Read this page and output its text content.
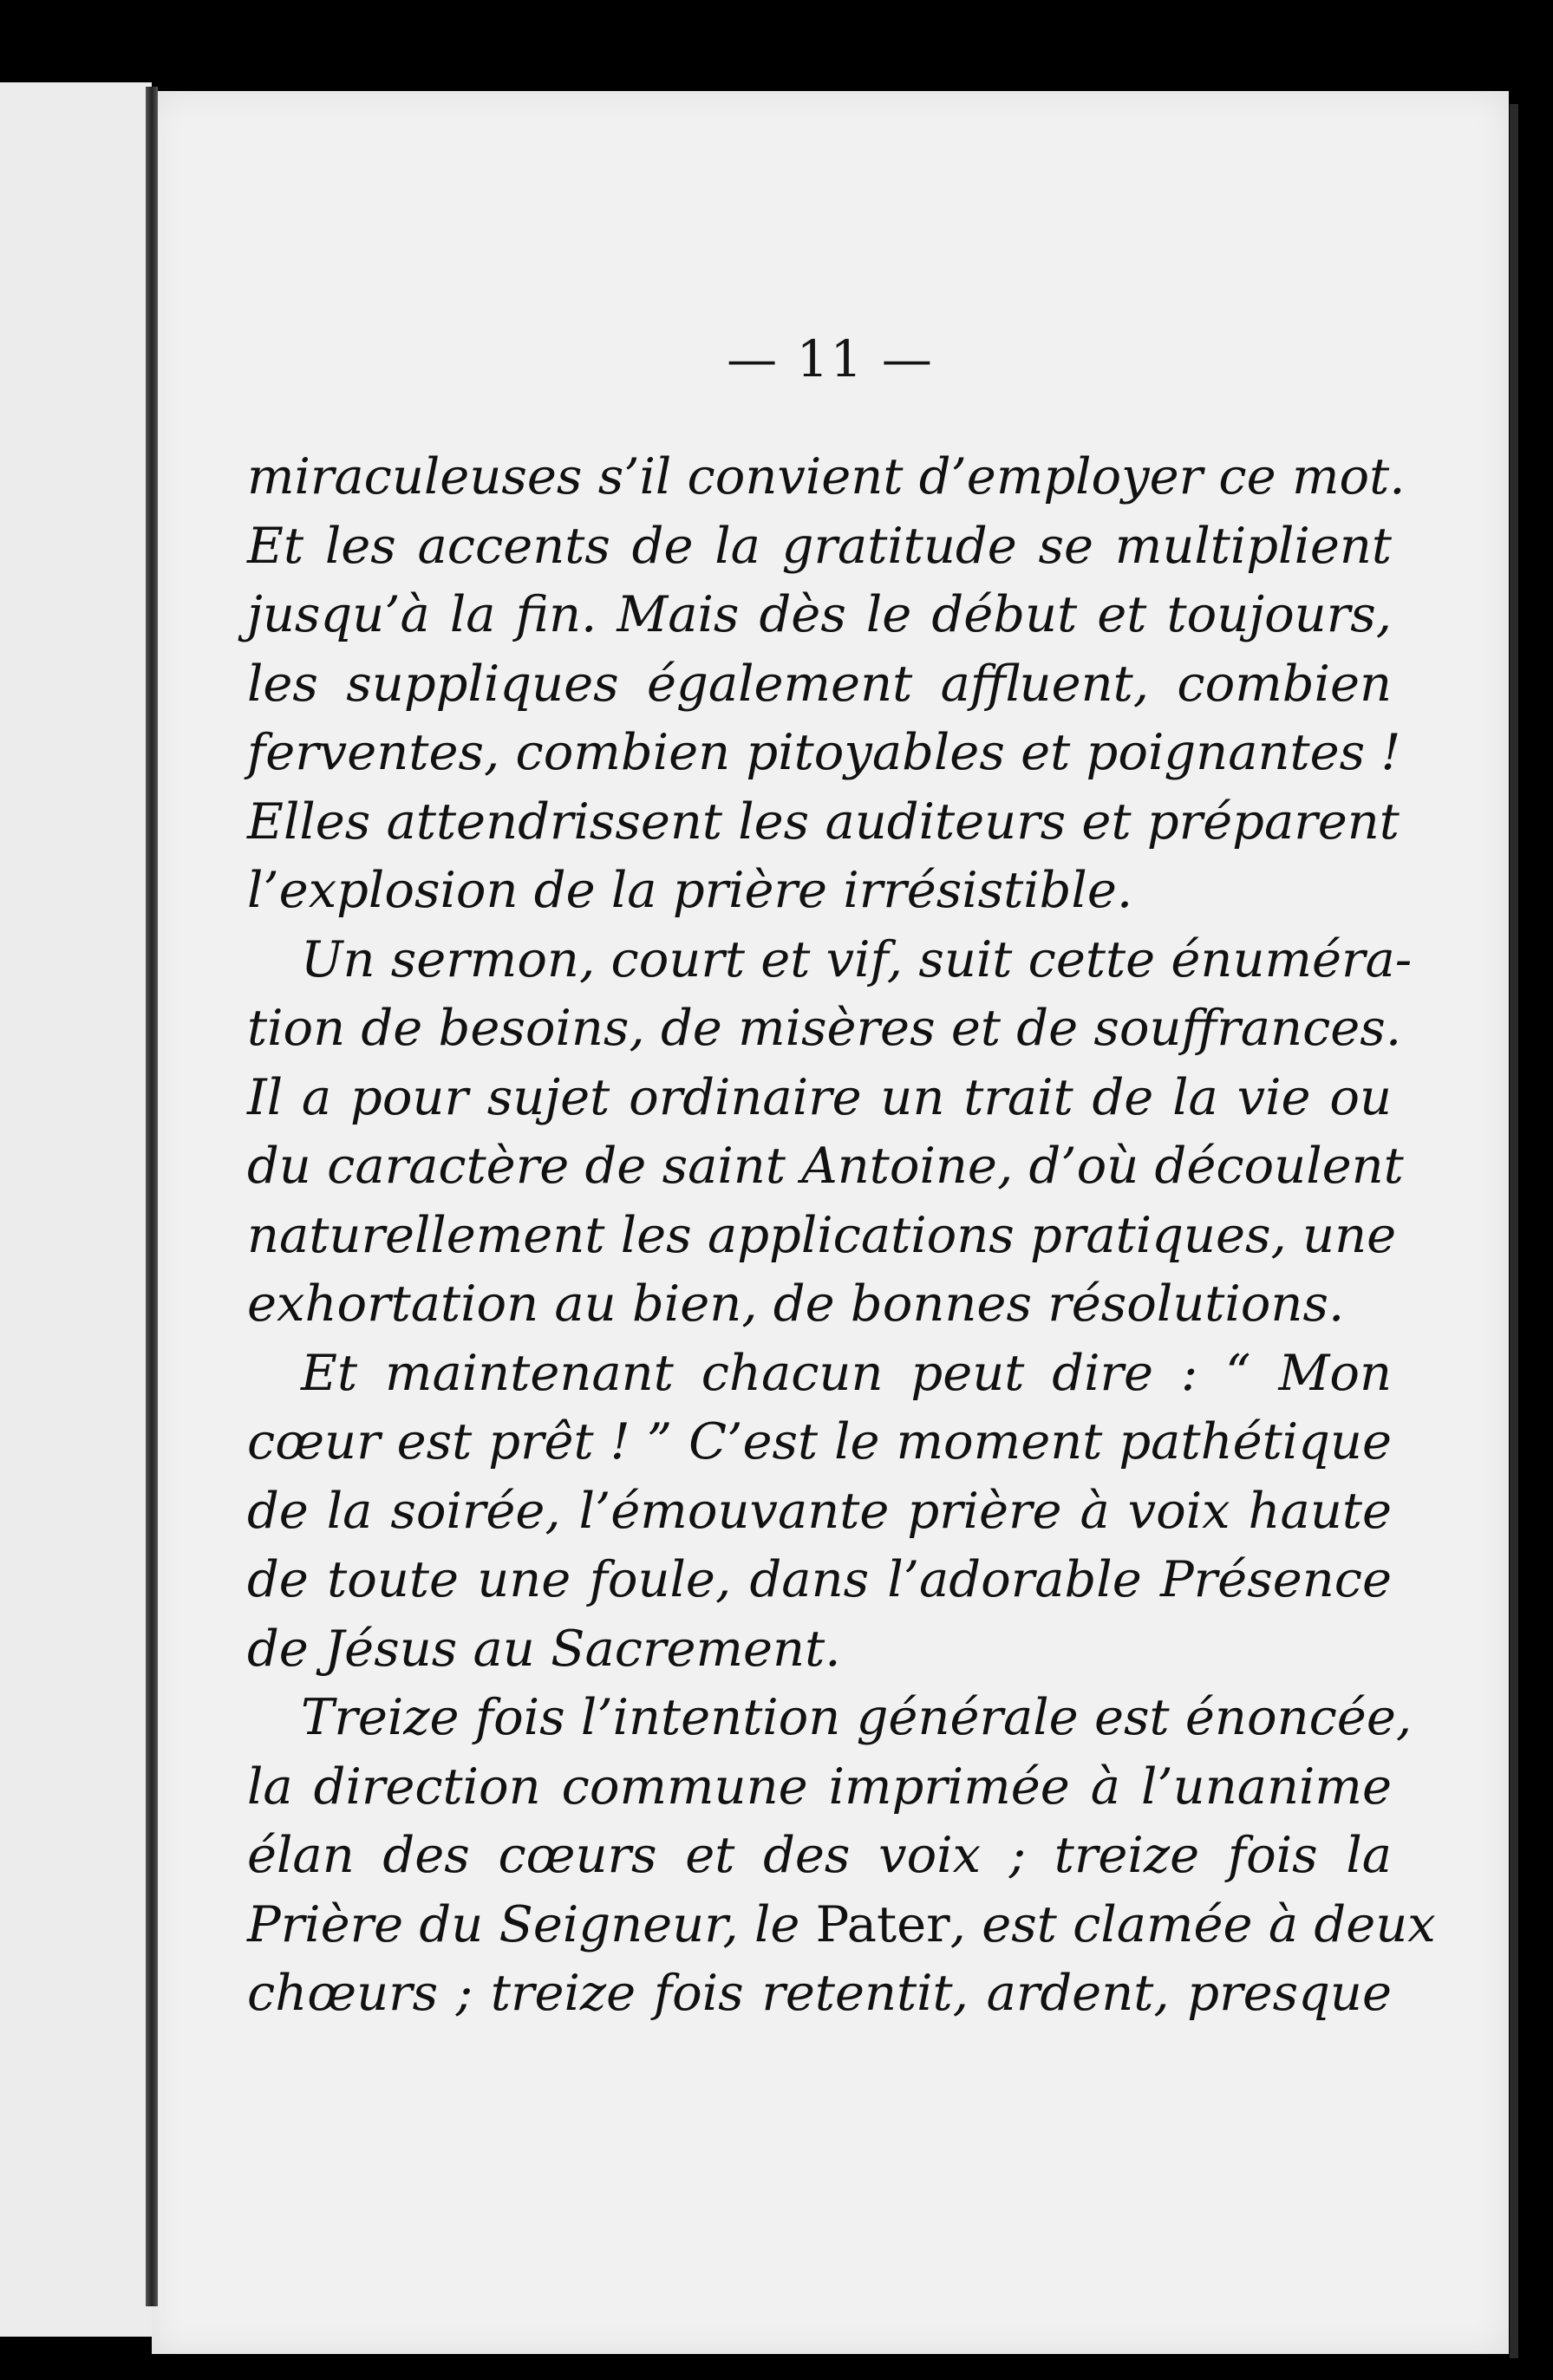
— 11 —
miraculeuses s’il convient d’employer ce mot.
Et les accents de la gratitude se multiplient
jusqu’à la fin. Mais dès le début et toujours,
les suppliques également affluent, combien
ferventes, combien pitoyables et poignantes !
Elles attendrissent les auditeurs et préparent
l’explosion de la prière irrésistible.
Un sermon, court et vif, suit cette énuméra-
tion de besoins, de misères et de souffrances.
Il a pour sujet ordinaire un trait de la vie ou
du caractère de saint Antoine, d’où découlent
naturellement les applications pratiques, une
exhortation au bien, de bonnes résolutions.
Et maintenant chacun peut dire : “ Mon
cœur est prêt ! ” C’est le moment pathétique
de la soirée, l’émouvante prière à voix haute
de toute une foule, dans l’adorable Présence
de Jésus au Sacrement.
Treize fois l’intention générale est énoncée,
la direction commune imprimée à l’unanime
élan des cœurs et des voix ; treize fois la
Prière du Seigneur, le Pater, est clamée à deux
chœurs ; treize fois retentit, ardent, presque
